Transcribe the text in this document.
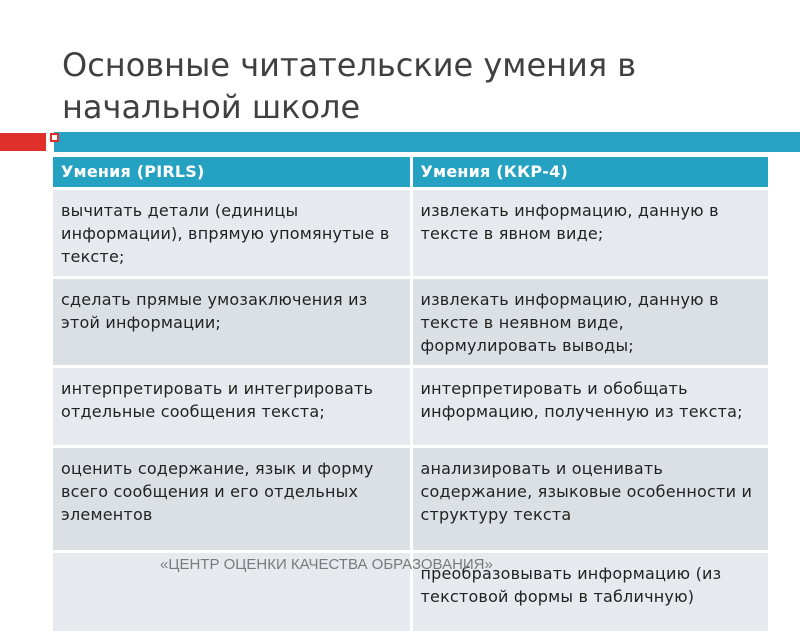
Основные читательские умения в начальной школе
Умения (PIRLS)	Умения (ККР-4)
вычитать детали (единицы информации), впрямую упомянутые в тексте;	извлекать информацию, данную в тексте в явном виде;
сделать прямые умозаключения из этой информации;	извлекать информацию, данную в тексте в неявном виде, формулировать выводы;
интерпретировать и интегрировать отдельные сообщения текста;	интерпретировать и обобщать информацию, полученную из текста;
оценить содержание, язык и форму всего сообщения и его отдельных элементов	анализировать и оценивать содержание, языковые особенности и структуру текста
	преобразовывать информацию (из текстовой формы в табличную)
«ЦЕНТР ОЦЕНКИ КАЧЕСТВА ОБРАЗОВАНИЯ»
